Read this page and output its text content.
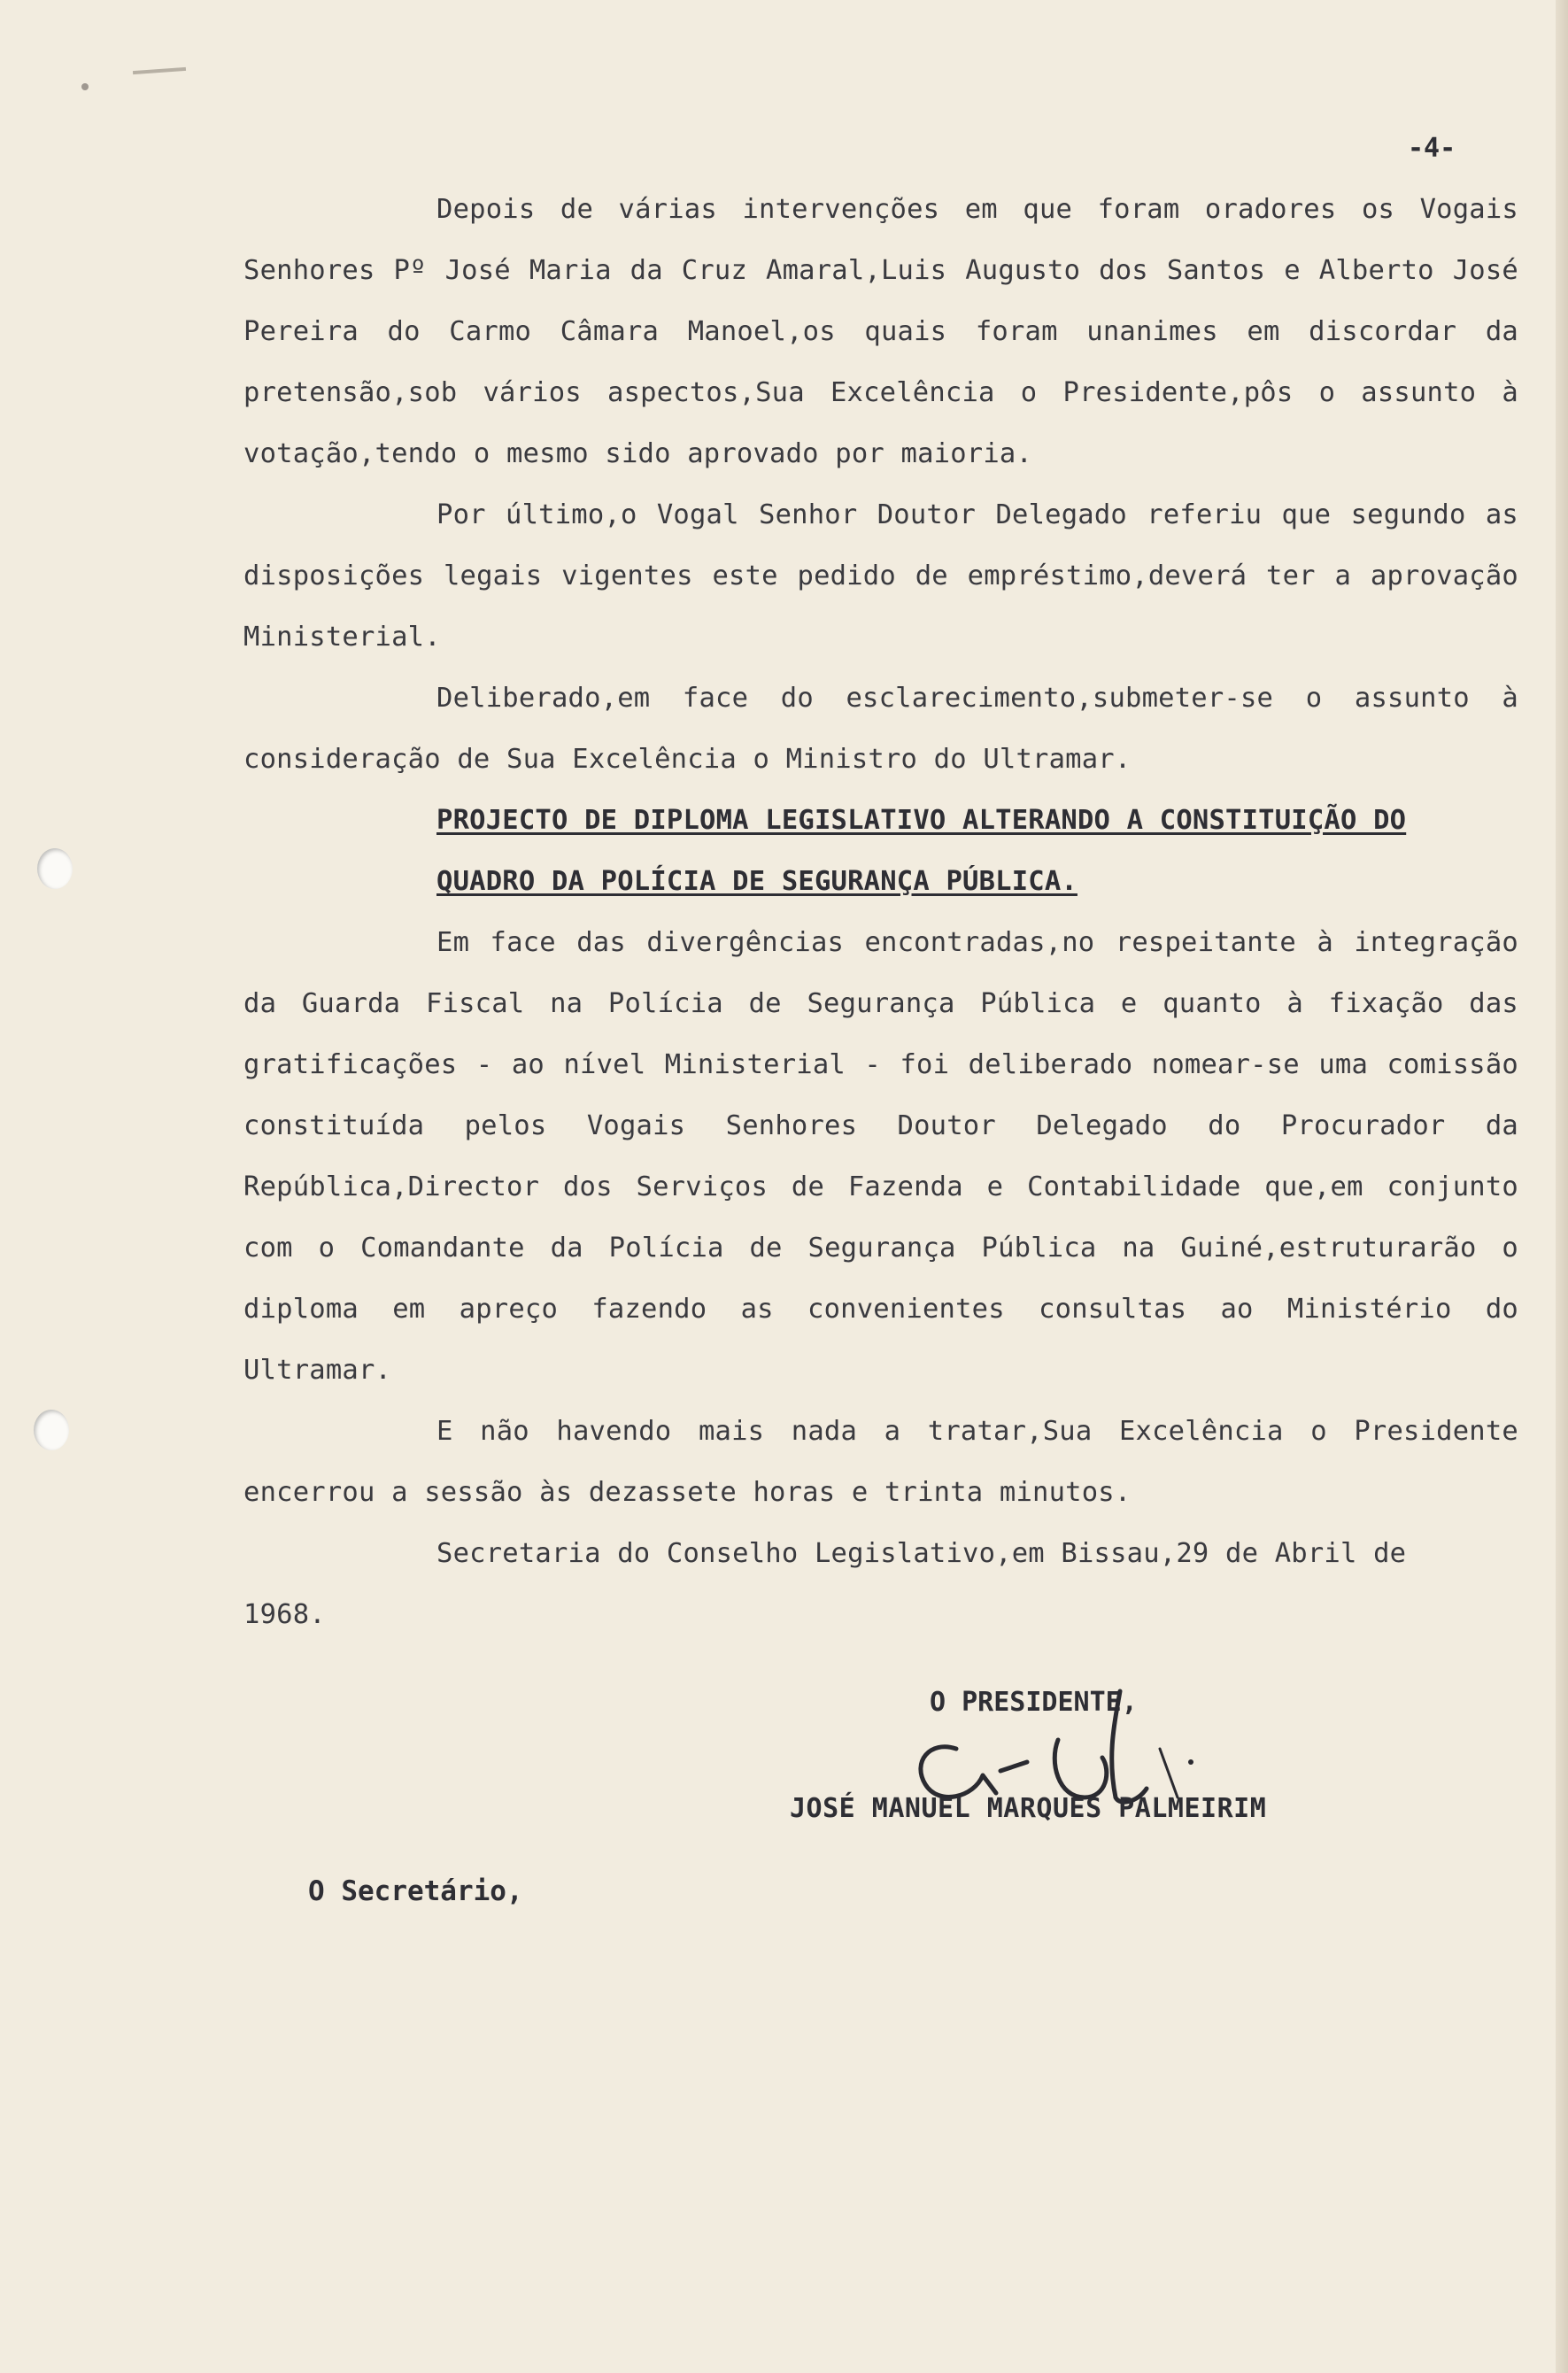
-4-

Depois de várias intervenções em que foram oradores os Vogais Senhores Pº José Maria da Cruz Amaral,Luis Augusto dos Santos e Alberto José Pereira do Carmo Câmara Manoel,os quais foram unanimes em discordar da pretensão,sob vários aspectos,Sua Excelência o Presidente,pôs o assunto à votação,tendo o mesmo sido aprovado por maioria.

Por último,o Vogal Senhor Doutor Delegado referiu que segundo as disposições legais vigentes este pedido de empréstimo,deverá ter a aprovação Ministerial.

Deliberado,em face do esclarecimento,submeter-se o assunto à consideração de Sua Excelência o Ministro do Ultramar.

PROJECTO DE DIPLOMA LEGISLATIVO ALTERANDO A CONSTITUIÇÃO DO
QUADRO DA POLÍCIA DE SEGURANÇA PÚBLICA.

Em face das divergências encontradas,no respeitante à integração da Guarda Fiscal na Polícia de Segurança Pública e quanto à fixação das gratificações - ao nível Ministerial - foi deliberado nomear-se uma comissão constituída pelos Vogais Senhores Doutor Delegado do Procurador da República,Director dos Serviços de Fazenda e Contabilidade que,em conjunto com o Comandante da Polícia de Segurança Pública na Guiné,estruturarão o diploma em apreço fazendo as convenientes consultas ao Ministério do Ultramar.

E não havendo mais nada a tratar,Sua Excelência o Presidente encerrou a sessão às dezassete horas e trinta minutos.

Secretaria do Conselho Legislativo,em Bissau,29 de Abril de

1968.
O PRESIDENTE,
JOSÉ MANUEL MARQUES PALMEIRIM
O Secretário,
